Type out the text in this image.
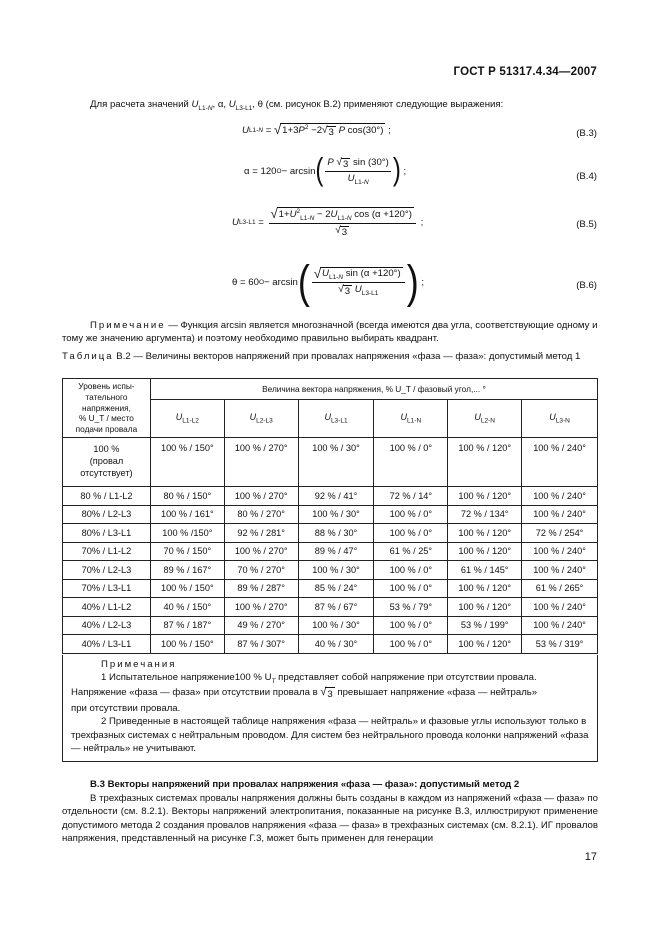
ГОСТ Р 51317.4.34—2007
Для расчета значений $U_{L1-N}$, α, $U_{L3-L1}$, θ (см. рисунок В.2) применяют следующие выражения:
U L1-N = √ $1+3P^2 -2$ √ 3 P cos(30°) ;	(B.3)
α = 120 O − arcsin ( $\frac{P √ 3 \sin (30^\circ)}{U_{L1-N}}$ ) ;	(B.4)
U $L3-L1 = \frac{√ 1+U^2_{L1-N} - 2U_{L1-N} \cos (\alpha +120^\circ)}{√ 3}$ ;	(B.5)
θ = 60 O − arcsin ( $\frac{√ U_{L1-N} \sin (\alpha +120^\circ)}{√ 3 U_{L3-L1}}$ ) ;	(B.6)
Примечание — Функция arcsin является многозначной (всегда имеются два угла, соответствующие одному и тому же значению аргумента) и поэтому необходимо правильно выбирать квадрант.
Таблица В.2 — Величины векторов напряжений при провалах напряжения «фаза — фаза»: допустимый метод 1
Уровень испы-
тательного
напряжения,
% U_T / место
подачи провала	Величина вектора напряжения, % U_T / фазовый угол,... °					
	$U_{L1-L2}$	$U_{L2-L3}$	$U_{L3-L1}$	$U_{L1-N}$	$U_{L2-N}$	$U_{L3-N}$
100 %
(провал
отсутствует)	100 % / 150°	100 % / 270°	100 % / 30°	100 % / 0°	100 % / 120°	100 % / 240°
80 % / L1-L2	80 % / 150°	100 % / 270°	92 % / 41°	72 % / 14°	100 % / 120°	100 % / 240°
80% / L2-L3	100 % / 161°	80 % / 270°	100 % / 30°	100 % / 0°	72 % / 134°	100 % / 240°
80% / L3-L1	100 % /150°	92 % / 281°	88 % / 30°	100 % / 0°	100 % / 120°	72 % / 254°
70% / L1-L2	70 % / 150°	100 % / 270°	89 % / 47°	61 % / 25°	100 % / 120°	100 % / 240°
70% / L2-L3	89 % / 167°	70 % / 270°	100 % / 30°	100 % / 0°	61 % / 145°	100 % / 240°
70% / L3-L1	100 % / 150°	89 % / 287°	85 % / 24°	100 % / 0°	100 % / 120°	61 % / 265°
40% / L1-L2	40 % / 150°	100 % / 270°	87 % / 67°	53 % / 79°	100 % / 120°	100 % / 240°
40% / L2-L3	87 % / 187°	49 % / 270°	100 % / 30°	100 % / 0°	53 % / 199°	100 % / 240°
40% / L3-L1	100 % / 150°	87 % / 307°	40 % / 30°	100 % / 0°	100 % / 120°	53 % / 319°

Примечания

1 Испытательное напряжение100 % $U_T$ представляет собой напряжение при отсутствии провала.

Напряжение «фаза — фаза» при отсутствии провала в √ 3 превышает напряжение «фаза — нейтраль»

при отсутствии провала.

2 Приведенные в настоящей таблице напряжения «фаза — нейтраль» и фазовые углы используют только в трехфазных системах с нейтральным проводом. Для систем без нейтрального провода колонки напряжений «фаза — нейтраль» не учитывают.

В.3 Векторы напряжений при провалах напряжения «фаза — фаза»: допустимый метод 2

В трехфазных системах провалы напряжения должны быть созданы в каждом из напряжений «фаза — фаза» по отдельности (см. 8.2.1). Векторы напряжений электропитания, показанные на рисунке В.3, иллюстрируют применение допустимого метода 2 создания провалов напряжения «фаза — фаза» в трехфазных системах (см. 8.2.1). ИГ провалов напряжения, представленный на рисунке Г.3, может быть применен для генерации

17
